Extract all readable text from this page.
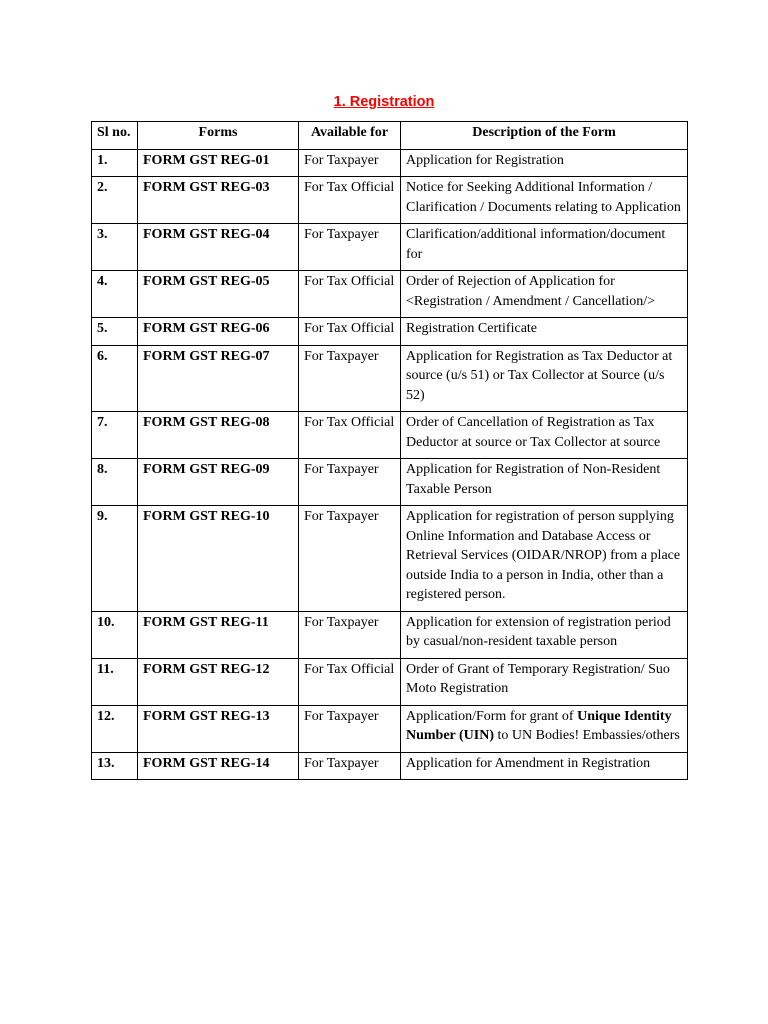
1. Registration
Sl no.	Forms	Available for	Description of the Form
1.	FORM GST REG-01	For Taxpayer	Application for Registration
2.	FORM GST REG-03	For Tax Official	Notice for Seeking Additional Information / Clarification / Documents relating to Application
3.	FORM GST REG-04	For Taxpayer	Clarification/additional information/document for
4.	FORM GST REG-05	For Tax Official	Order of Rejection of Application for <Registration / Amendment / Cancellation/>
5.	FORM GST REG-06	For Tax Official	Registration Certificate
6.	FORM GST REG-07	For Taxpayer	Application for Registration as Tax Deductor at source (u/s 51) or Tax Collector at Source (u/s 52)
7.	FORM GST REG-08	For Tax Official	Order of Cancellation of Registration as Tax Deductor at source or Tax Collector at source
8.	FORM GST REG-09	For Taxpayer	Application for Registration of Non-Resident Taxable Person
9.	FORM GST REG-10	For Taxpayer	Application for registration of person supplying Online Information and Database Access or Retrieval Services (OIDAR/NROP) from a place outside India to a person in India, other than a registered person.
10.	FORM GST REG-11	For Taxpayer	Application for extension of registration period by casual/non-resident taxable person
11.	FORM GST REG-12	For Tax Official	Order of Grant of Temporary Registration/ Suo Moto Registration
12.	FORM GST REG-13	For Taxpayer	Application/Form for grant of Unique Identity Number (UIN) to UN Bodies! Embassies/others
13.	FORM GST REG-14	For Taxpayer	Application for Amendment in Registration
